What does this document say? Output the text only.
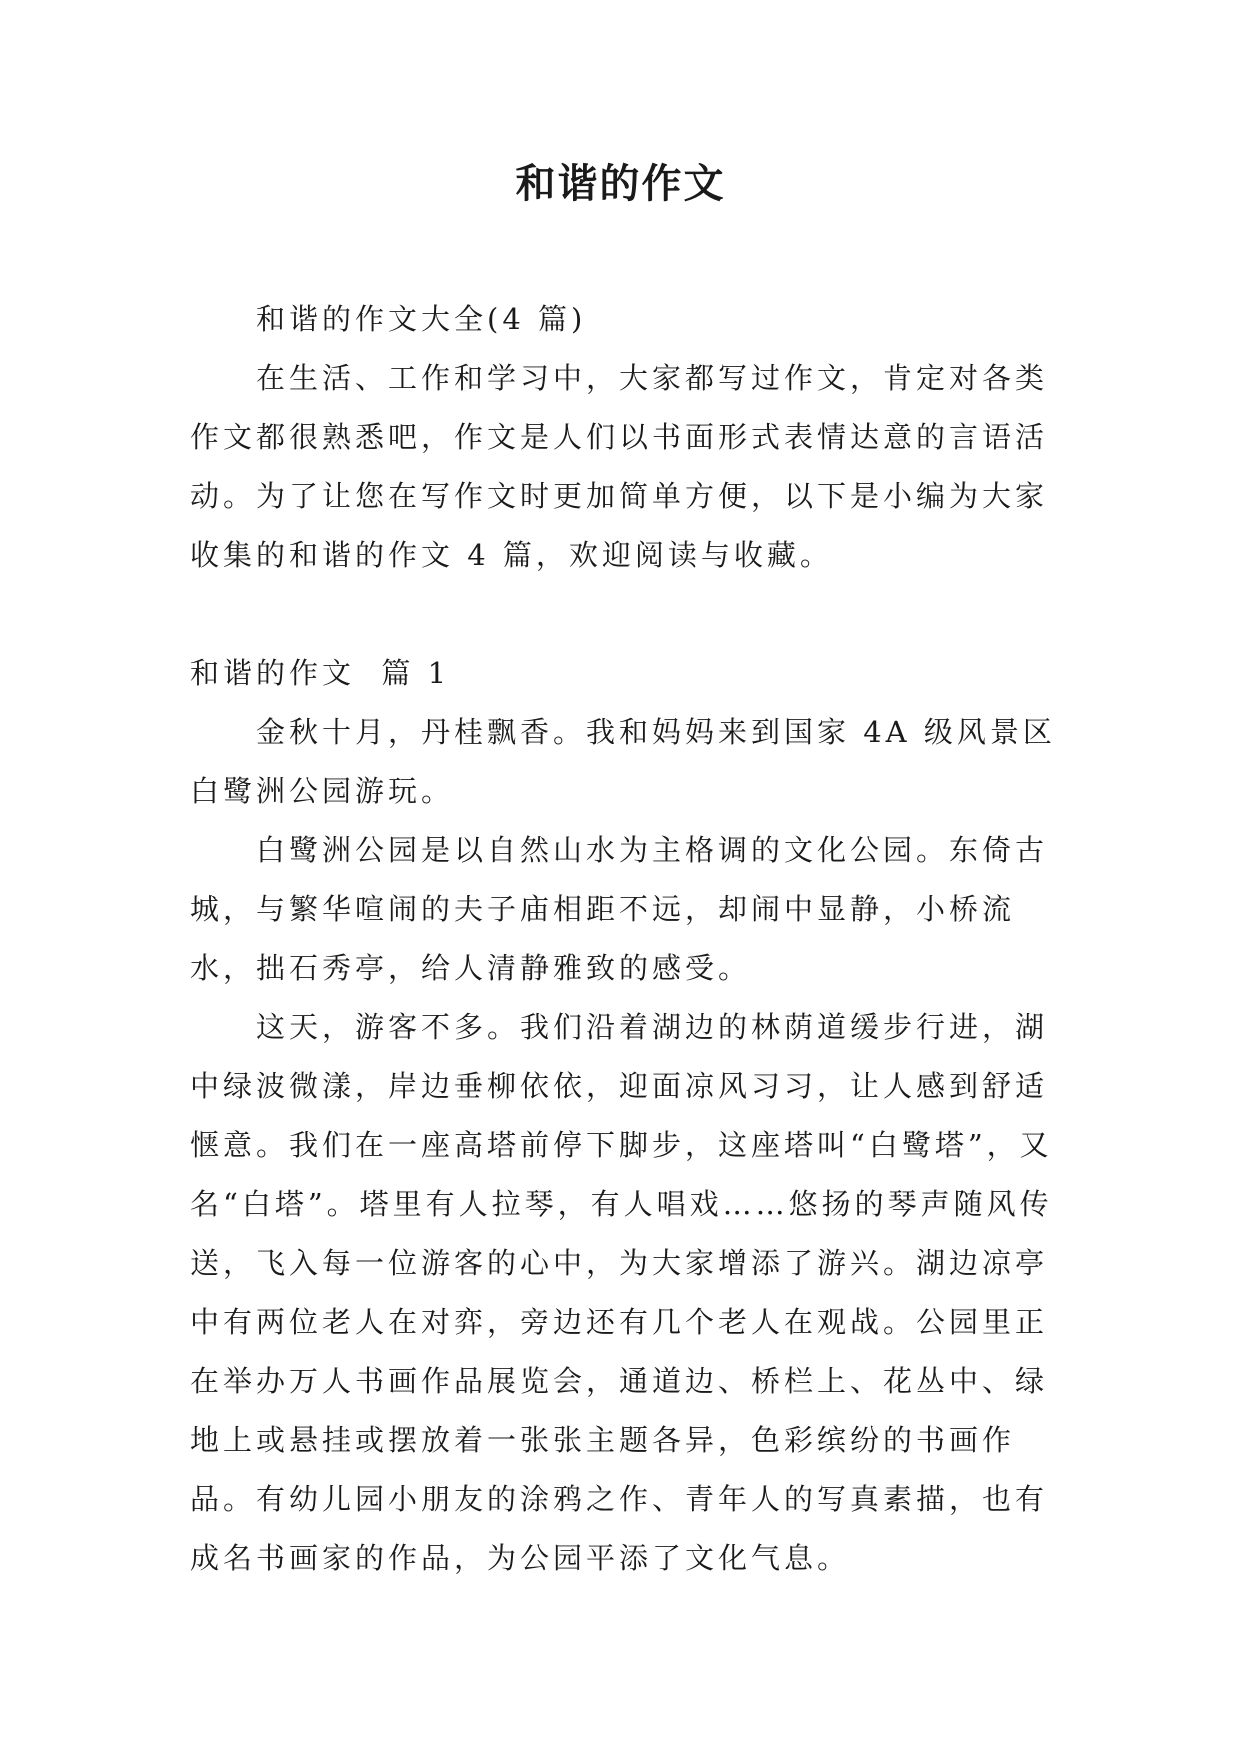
和谐的作文

和谐的作文大全(4 篇)

在生活、工作和学习中，大家都写过作文，肯定对各类作文都很熟悉吧，作文是人们以书面形式表情达意的言语活动。为了让您在写作文时更加简单方便，以下是小编为大家收集的和谐的作文 4 篇，欢迎阅读与收藏。

和谐的作文  篇 1

金秋十月，丹桂飘香。我和妈妈来到国家 4A 级风景区白鹭洲公园游玩。

白鹭洲公园是以自然山水为主格调的文化公园。东倚古城，与繁华喧闹的夫子庙相距不远，却闹中显静，小桥流水，拙石秀亭，给人清静雅致的感受。

这天，游客不多。我们沿着湖边的林荫道缓步行进，湖中绿波微漾，岸边垂柳依依，迎面凉风习习，让人感到舒适惬意。我们在一座高塔前停下脚步，这座塔叫“白鹭塔”，又名“白塔”。塔里有人拉琴，有人唱戏……悠扬的琴声随风传送，飞入每一位游客的心中，为大家增添了游兴。湖边凉亭中有两位老人在对弈，旁边还有几个老人在观战。公园里正在举办万人书画作品展览会，通道边、桥栏上、花丛中、绿地上或悬挂或摆放着一张张主题各异，色彩缤纷的书画作品。有幼儿园小朋友的涂鸦之作、青年人的写真素描，也有成名书画家的作品，为公园平添了文化气息。
